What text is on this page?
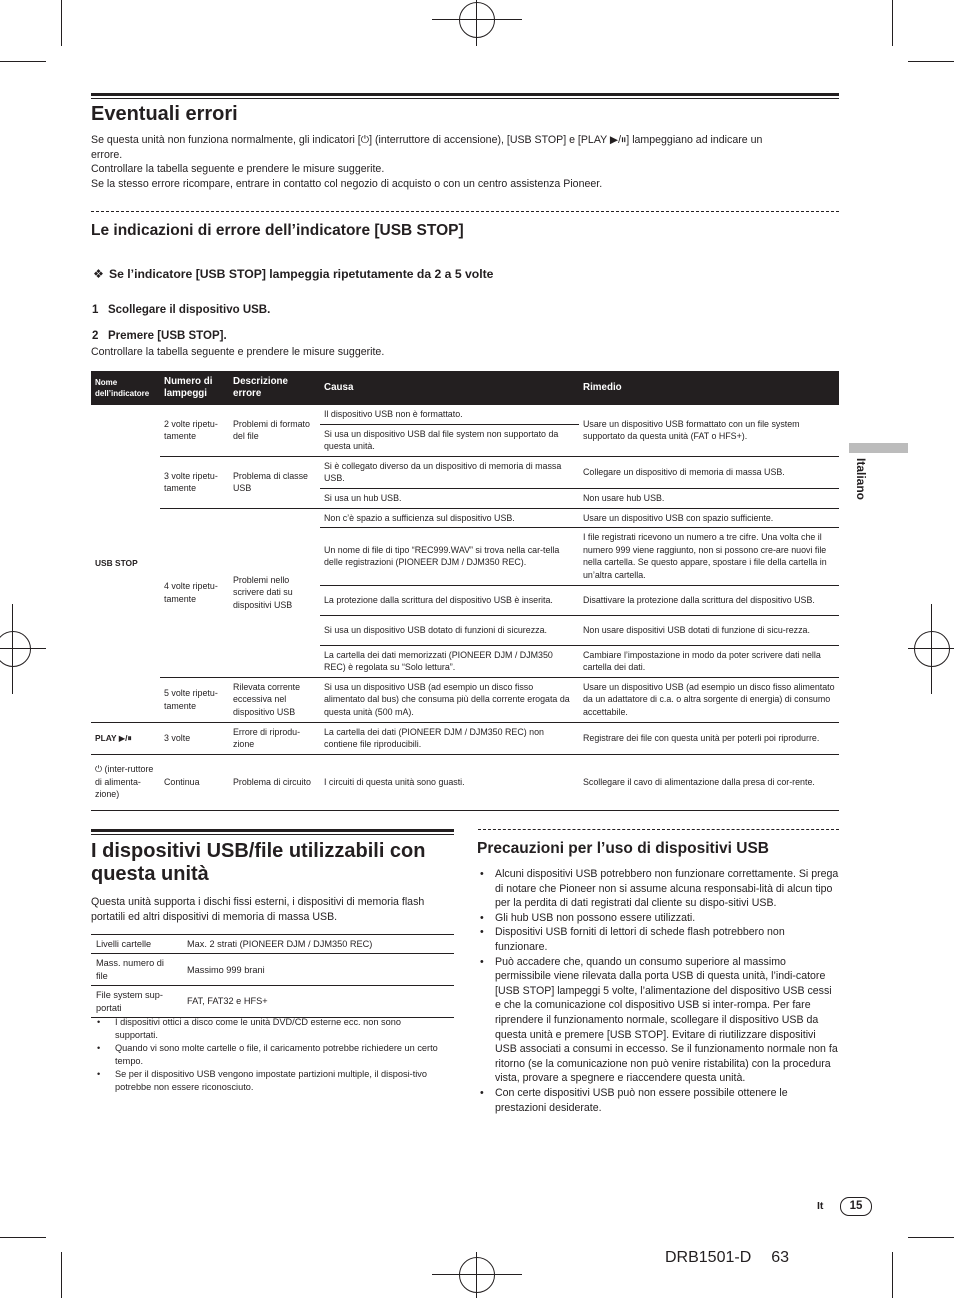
Eventuali errori
Se questa unità non funziona normalmente, gli indicatori [⏻] (interruttore di accensione), [USB STOP] e [PLAY ▶/⏸] lampeggiano ad indicare un
errore.
Controllare la tabella seguente e prendere le misure suggerite.
Se la stesso errore ricompare, entrare in contatto col negozio di acquisto o con un centro assistenza Pioneer.
Le indicazioni di errore dell’indicatore [USB STOP]
❖ Se l’indicatore [USB STOP] lampeggia ripetutamente da 2 a 5 volte
1   Scollegare il dispositivo USB.
2   Premere [USB STOP].
Controllare la tabella seguente e prendere le misure suggerite.
Nome dell’indicatore	Numero di lampeggi	Descrizione errore	Causa	Rimedio
USB STOP	2 volte ripetu-tamente	Problemi di formato del file	Il dispositivo USB non è formattato.	Usare un dispositivo USB formattato con un file system supportato da questa unità (FAT o HFS+).
			Si usa un dispositivo USB dal file system non supportato da questa unità.	
	3 volte ripetu-tamente	Problema di classe USB	Si è collegato diverso da un dispositivo di memoria di massa USB.	Collegare un dispositivo di memoria di massa USB.
			Si usa un hub USB.	Non usare hub USB.
	4 volte ripetu-tamente	Problemi nello scrivere dati su dispositivi USB	Non c’è spazio a sufficienza sul dispositivo USB.	Usare un dispositivo USB con spazio sufficiente.
			Un nome di file di tipo “REC999.WAV” si trova nella car-tella delle registrazioni (PIONEER DJM / DJM350 REC).	I file registrati ricevono un numero a tre cifre. Una volta che il numero 999 viene raggiunto, non si possono cre-are nuovi file nella cartella. Se questo appare, spostare i file della cartella in un’altra cartella.
			La protezione dalla scrittura del dispositivo USB è inserita.	Disattivare la protezione dalla scrittura del dispositivo USB.
			Si usa un dispositivo USB dotato di funzioni di sicurezza.	Non usare dispositivi USB dotati di funzione di sicu-rezza.
			La cartella dei dati memorizzati (PIONEER DJM / DJM350 REC) è regolata su “Solo lettura”.	Cambiare l’impostazione in modo da poter scrivere dati nella cartella dei dati.
	5 volte ripetu-tamente	Rilevata corrente eccessiva nel dispositivo USB	Si usa un dispositivo USB (ad esempio un disco fisso alimentato dal bus) che consuma più della corrente erogata da questa unità (500 mA).	Usare un dispositivo USB (ad esempio un disco fisso alimentato da un adattatore di c.a. o altra sorgente di energia) di consumo accettabile.

PLAY ▶/⏸	3 volte	Errore di riprodu-zione	La cartella dei dati (PIONEER DJM / DJM350 REC) non contiene file riproducibili.	Registrare dei file con questa unità per poterli poi riprodurre.
⏻ (inter-ruttore di alimenta-zione)	Continua	Problema di circuito	I circuiti di questa unità sono guasti.	Scollegare il cavo di alimentazione dalla presa di cor-rente.
I dispositivi USB/file utilizzabili con
questa unità
Questa unità supporta i dischi fissi esterni, i dispositivi di memoria flash portatili ed altri dispositivi di memoria di massa USB.
Livelli cartelle	Max. 2 strati (PIONEER DJM / DJM350 REC)
Mass. numero di file	Massimo 999 brani
File system sup-portati	FAT, FAT32 e HFS+
• I dispositivi ottici a disco come le unità DVD/CD esterne ecc. non sono supportati.
• Quando vi sono molte cartelle o file, il caricamento potrebbe richiedere un certo tempo.
• Se per il dispositivo USB vengono impostate partizioni multiple, il disposi-tivo potrebbe non essere riconosciuto.
Precauzioni per l’uso di dispositivi USB
• Alcuni dispositivi USB potrebbero non funzionare correttamente. Si prega di notare che Pioneer non si assume alcuna responsabi-lità di alcun tipo per la perdita di dati registrati dal cliente su dispo-sitivi USB.
• Gli hub USB non possono essere utilizzati.
• Dispositivi USB forniti di lettori di schede flash potrebbero non funzionare.
• Può accadere che, quando un consumo superiore al massimo permissibile viene rilevata dalla porta USB di questa unità, l’indi-catore [USB STOP] lampeggi 5 volte, l’alimentazione del dispositivo USB cessi e che la comunicazione col dispositivo USB si inter-rompa. Per fare riprendere il funzionamento normale, scollegare il dispositivo USB da questa unità e premere [USB STOP]. Evitare di riutilizzare dispositivi USB associati a consumi in eccesso. Se il funzionamento normale non fa ritorno (se la comunicazione non può venire ristabilita) con la procedura vista, provare a spegnere e riaccendere questa unità.
• Con certe dispositivi USB può non essere possibile ottenere le prestazioni desiderate.
Italiano
It	15
DRB1501-D 63
